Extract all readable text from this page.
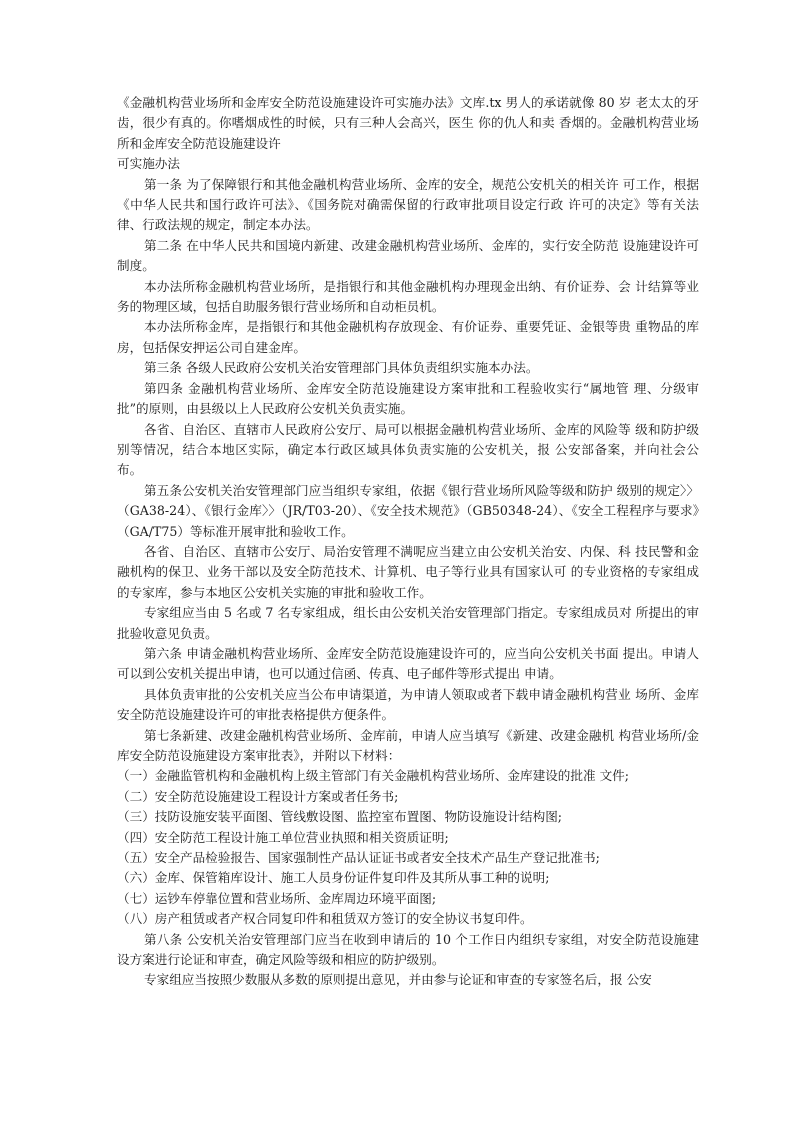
《金融机构营业场所和金库安全防范设施建设许可实施办法》文库.tx 男人的承诺就像 80 岁 老太太的牙齿，很少有真的。你嗜烟成性的时候，只有三种人会高兴，医生 你的仇人和卖 香烟的。金融机构营业场所和金库安全防范设施建设许

可实施办法

第一条 为了保障银行和其他金融机构营业场所、金库的安全，规范公安机关的相关许 可工作，根据《中华人民共和国行政许可法》、《国务院对确需保留的行政审批项目设定行政 许可的决定》等有关法律、行政法规的规定，制定本办法。

第二条 在中华人民共和国境内新建、改建金融机构营业场所、金库的，实行安全防范 设施建设许可制度。

本办法所称金融机构营业场所，是指银行和其他金融机构办理现金出纳、有价证券、会 计结算等业务的物理区域，包括自助服务银行营业场所和自动柜员机。

本办法所称金库，是指银行和其他金融机构存放现金、有价证券、重要凭证、金银等贵 重物品的库房，包括保安押运公司自建金库。

第三条 各级人民政府公安机关治安管理部门具体负责组织实施本办法。

第四条 金融机构营业场所、金库安全防范设施建设方案审批和工程验收实行“属地管 理、分级审批”的原则，由县级以上人民政府公安机关负责实施。

各省、自治区、直辖市人民政府公安厅、局可以根据金融机构营业场所、金库的风险等 级和防护级别等情况，结合本地区实际，确定本行政区域具体负责实施的公安机关，报 公安部备案，并向社会公布。

第五条公安机关治安管理部门应当组织专家组，依据《银行营业场所风险等级和防护 级别的规定〉〉（GA38-24）、《银行金库〉〉（JR/T03-20）、《安全技术规范》（GB50348-24）、《安全工程程序与要求》（GA/T75）等标准开展审批和验收工作。

各省、自治区、直辖市公安厅、局治安管理不满呢应当建立由公安机关治安、内保、科 技民警和金融机构的保卫、业务干部以及安全防范技术、计算机、电子等行业具有国家认可 的专业资格的专家组成的专家库，参与本地区公安机关实施的审批和验收工作。

专家组应当由 5 名或 7 名专家组成，组长由公安机关治安管理部门指定。专家组成员对 所提出的审批验收意见负责。

第六条 申请金融机构营业场所、金库安全防范设施建设许可的，应当向公安机关书面 提出。申请人可以到公安机关提出申请，也可以通过信函、传真、电子邮件等形式提出 申请。

具体负责审批的公安机关应当公布申请渠道，为申请人领取或者下载申请金融机构营业 场所、金库安全防范设施建设许可的审批表格提供方便条件。

第七条新建、改建金融机构营业场所、金库前，申请人应当填写《新建、改建金融机 构营业场所/金库安全防范设施建设方案审批表》，并附以下材料：

（一）金融监管机构和金融机构上级主管部门有关金融机构营业场所、金库建设的批准 文件;

（二）安全防范设施建设工程设计方案或者任务书;

（三）技防设施安装平面图、管线敷设图、监控室布置图、物防设施设计结构图;

（四）安全防范工程设计施工单位营业执照和相关资质证明;

（五）安全产品检验报告、国家强制性产品认证证书或者安全技术产品生产登记批准书;

（六）金库、保管箱库设计、施工人员身份证件复印件及其所从事工种的说明;

（七）运钞车停靠位置和营业场所、金库周边环境平面图;

（八）房产租赁或者产权合同复印件和租赁双方签订的安全协议书复印件。

第八条 公安机关治安管理部门应当在收到申请后的 10 个工作日内组织专家组，对安全防范设施建设方案进行论证和审查，确定风险等级和相应的防护级别。

专家组应当按照少数服从多数的原则提出意见，并由参与论证和审查的专家签名后，报 公安
